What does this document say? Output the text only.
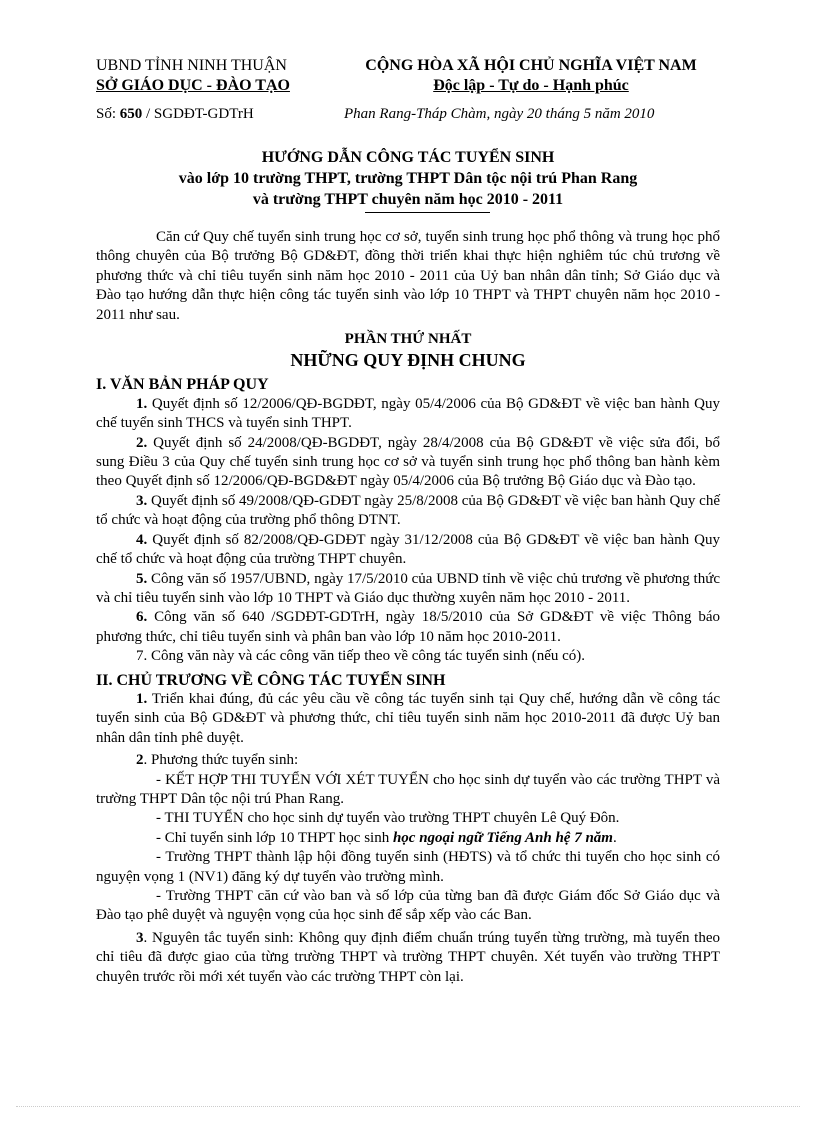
UBND TỈNH NINH THUẬN
SỞ GIÁO DỤC - ĐÀO TẠO
CỘNG HÒA XÃ HỘI CHỦ NGHĨA VIỆT NAM
Độc lập - Tự do - Hạnh phúc
Số: 650 / SGDĐT-GDTrH	Phan Rang-Tháp Chàm, ngày 20 tháng 5 năm 2010
HƯỚNG DẪN CÔNG TÁC TUYỂN SINH
vào lớp 10 trường THPT, trường THPT Dân tộc nội trú Phan Rang
và trường THPT chuyên năm học 2010 - 2011

Căn cứ Quy chế tuyển sinh trung học cơ sở, tuyển sinh trung học phổ thông và trung học phổ thông chuyên của Bộ trưởng Bộ GD&ĐT, đồng thời triển khai thực hiện nghiêm túc chủ trương về phương thức và chỉ tiêu tuyển sinh năm học 2010 - 2011 của Uỷ ban nhân dân tỉnh; Sở Giáo dục và Đào tạo hướng dẫn thực hiện công tác tuyển sinh vào lớp 10 THPT và THPT chuyên năm học 2010 - 2011 như sau.

PHẦN THỨ NHẤT
NHỮNG QUY ĐỊNH CHUNG
I. VĂN BẢN PHÁP QUY

1. Quyết định số 12/2006/QĐ-BGDĐT, ngày 05/4/2006 của Bộ GD&ĐT về việc ban hành Quy chế tuyển sinh THCS và tuyển sinh THPT.

2. Quyết định số 24/2008/QĐ-BGDĐT, ngày 28/4/2008 của Bộ GD&ĐT về việc sửa đổi, bổ sung Điều 3 của Quy chế tuyển sinh trung học cơ sở và tuyển sinh trung học phổ thông ban hành kèm theo Quyết định số 12/2006/QĐ-BGD&ĐT ngày 05/4/2006 của Bộ trưởng Bộ Giáo dục và Đào tạo.

3. Quyết định số 49/2008/QĐ-GDĐT ngày 25/8/2008 của Bộ GD&ĐT về việc ban hành Quy chế tổ chức và hoạt động của trường phổ thông DTNT.

4. Quyết định số 82/2008/QĐ-GDĐT ngày 31/12/2008 của Bộ GD&ĐT về việc ban hành Quy chế tổ chức và hoạt động của trường THPT chuyên.

5. Công văn số 1957/UBND, ngày 17/5/2010 của UBND tỉnh về việc chủ trương về phương thức và chỉ tiêu tuyển sinh vào lớp 10 THPT và Giáo dục thường xuyên năm học 2010 - 2011.

6. Công văn số 640 /SGDĐT-GDTrH, ngày 18/5/2010 của Sở GD&ĐT về việc Thông báo phương thức, chỉ tiêu tuyển sinh và phân ban vào lớp 10 năm học 2010-2011.

7. Công văn này và các công văn tiếp theo về công tác tuyển sinh (nếu có).

II. CHỦ TRƯƠNG VỀ CÔNG TÁC TUYỂN SINH

1. Triển khai đúng, đủ các yêu cầu về công tác tuyển sinh tại Quy chế, hướng dẫn về công tác tuyển sinh của Bộ GD&ĐT và phương thức, chỉ tiêu tuyển sinh năm học 2010-2011 đã được Uỷ ban nhân dân tỉnh phê duyệt.

2. Phương thức tuyển sinh:

- KẾT HỢP THI TUYỂN VỚI XÉT TUYỂN cho học sinh dự tuyển vào các trường THPT và trường THPT Dân tộc nội trú Phan Rang.

- THI TUYỂN cho học sinh dự tuyển vào trường THPT chuyên Lê Quý Đôn.

- Chỉ tuyển sinh lớp 10 THPT học sinh học ngoại ngữ Tiếng Anh hệ 7 năm.

- Trường THPT thành lập hội đồng tuyển sinh (HĐTS) và tổ chức thi tuyển cho học sinh có nguyện vọng 1 (NV1) đăng ký dự tuyển vào trường mình.

- Trường THPT căn cứ vào ban và số lớp của từng ban đã được Giám đốc Sở Giáo dục và Đào tạo phê duyệt và nguyện vọng của học sinh để sắp xếp vào các Ban.

3. Nguyên tắc tuyển sinh: Không quy định điểm chuẩn trúng tuyển từng trường, mà tuyển theo chỉ tiêu đã được giao của từng trường THPT và trường THPT chuyên. Xét tuyển vào trường THPT chuyên trước rồi mới xét tuyển vào các trường THPT còn lại.
